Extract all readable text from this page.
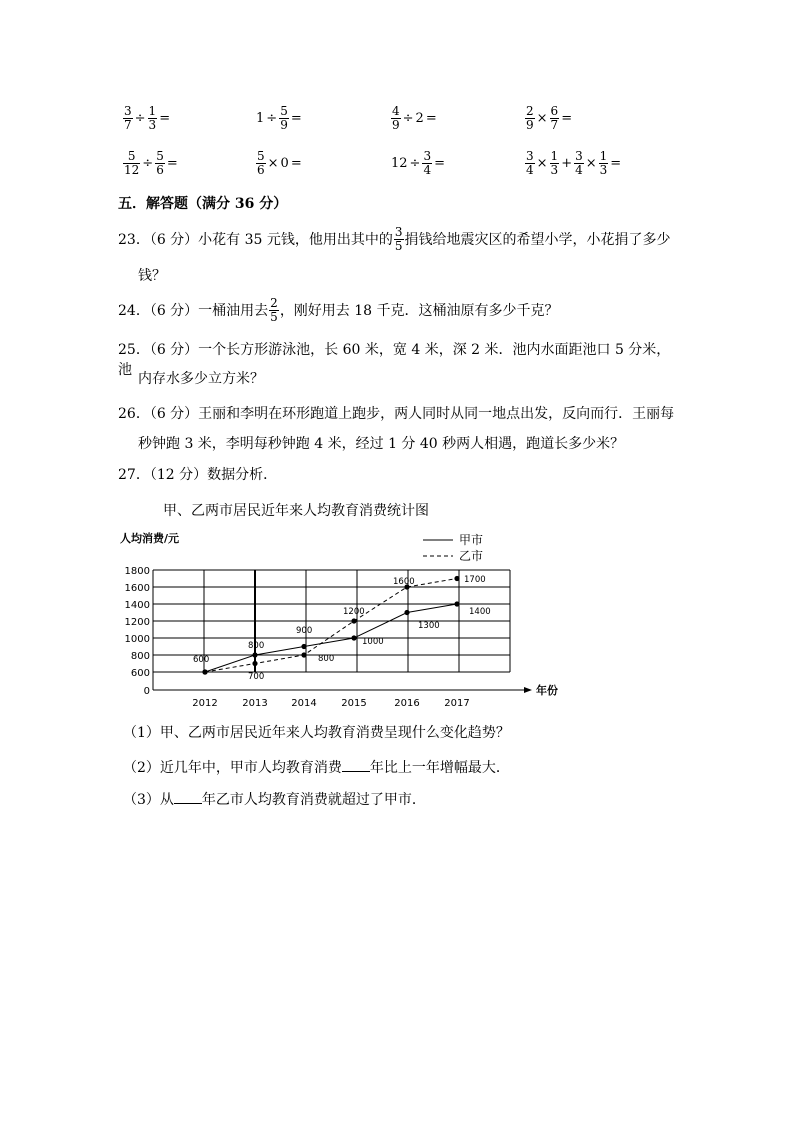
$\frac{3}{7} \div \frac{1}{3}$ =	$1 \div \frac{5}{9}$ =	$\frac{4}{9} \div 2$ =	$\frac{2}{9} \times \frac{6}{7}$ =
$\frac{5}{12} \div \frac{5}{6}$ =	$\frac{5}{6} \times 0$ =	$12 \div \frac{3}{4}$ =	$\frac{3}{4} \times \frac{1}{3} + \frac{3}{4} \times \frac{1}{3}$ =
五．解答题（满分 36 分）
23．（6 分）小花有 35 元钱，他用出其中的 $\frac{3}{5}$ 捐钱给地震灾区的希望小学，小花捐了多少
钱？
24．（6 分）一桶油用去 $\frac{2}{5}$ ，刚好用去 18 千克．这桶油原有多少千克？
25．（6 分）一个长方形游泳池，长 60 米，宽 4 米，深 2 米．池内水面距池口 5 分米，池
内存水多少立方米？
26．（6 分）王丽和李明在环形跑道上跑步，两人同时从同一地点出发，反向而行．王丽每
秒钟跑 3 米，李明每秒钟跑 4 米，经过 1 分 40 秒两人相遇，跑道长多少米？
27．（12 分）数据分析．
甲、乙两市居民近年来人均教育消费统计图
0
600
800
1000
1200
1400
1600
1800
人均消费/元
2012 2013 2014 2015	2016 2017
年份
600
800
700
900
800
1200
1000
1600
1300
1700
1400
甲市
乙市
（1）甲、乙两市居民近年来人均教育消费呈现什么变化趋势？
（2）近几年中，甲市人均教育消费 年比上一年增幅最大．
（3）从 年乙市人均教育消费就超过了甲市．
